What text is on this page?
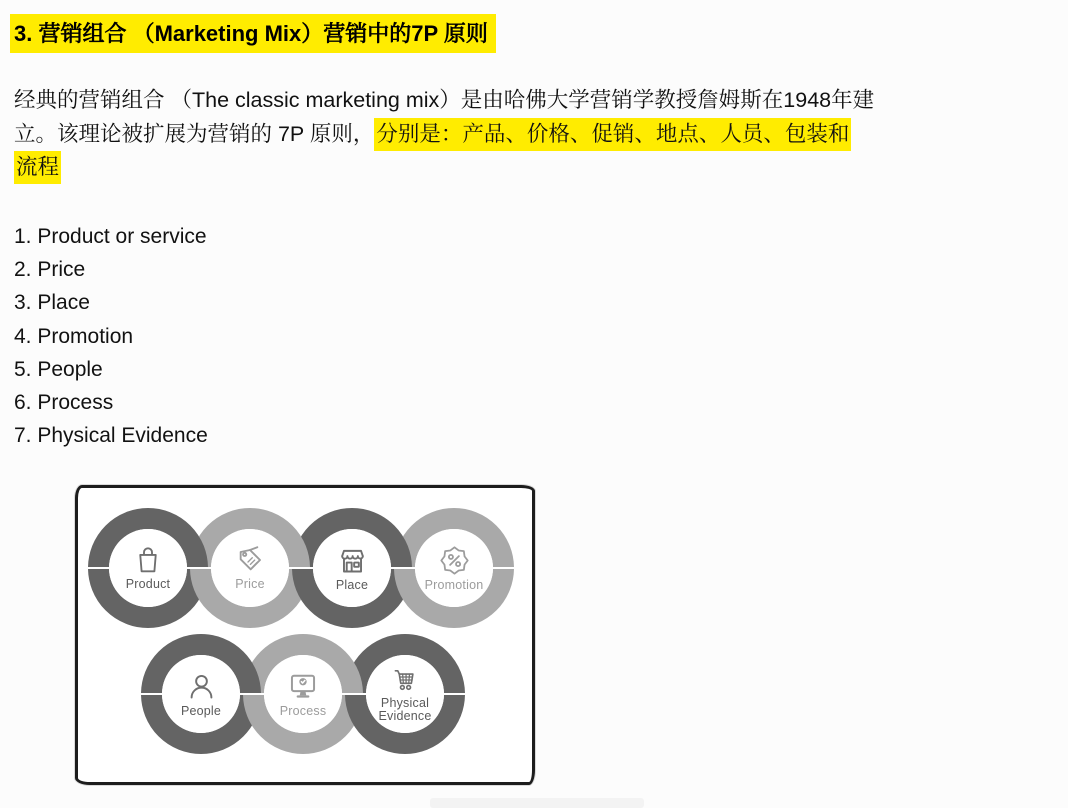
3. 营销组合 （Marketing Mix）营销中的7P 原则
经典的营销组合 （The classic marketing mix）是由哈佛大学营销学教授詹姆斯在1948年建
立。该理论被扩展为营销的 7P 原则，分别是：产品、价格、促销、地点、人员、包装和
流程
1. Product or service
2. Price
3. Place
4. Promotion
5. People
6. Process
7. Physical Evidence
Product	Price	Place	Promotion
People	Process
Physical Evidence
